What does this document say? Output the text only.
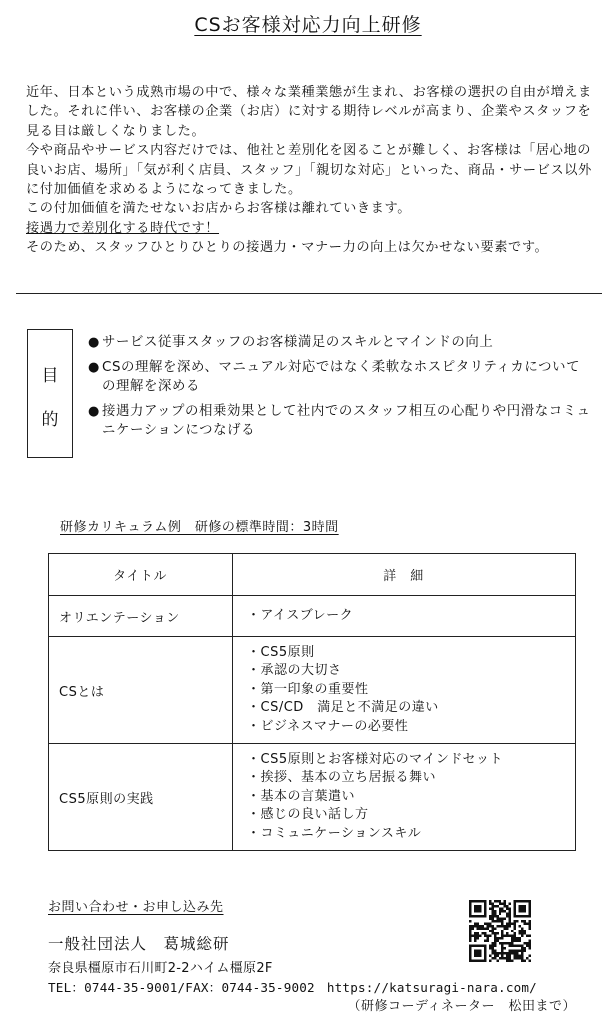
CSお客様対応力向上研修

近年、日本という成熟市場の中で、様々な業種業態が生まれ、お客様の選択の自由が増えました。それに伴い、お客様の企業（お店）に対する期待レベルが高まり、企業やスタッフを見る目は厳しくなりました。

今や商品やサービス内容だけでは、他社と差別化を図ることが難しく、お客様は「居心地の良いお店、場所」「気が利く店員、スタッフ」「親切な対応」といった、商品・サービス以外に付加価値を求めるようになってきました。

この付加価値を満たせないお店からお客様は離れていきます。

接遇力で差別化する時代です！

そのため、スタッフひとりひとりの接遇力・マナー力の向上は欠かせない要素です。

目
的
● サービス従事スタッフのお客様満足のスキルとマインドの向上
● CSの理解を深め、マニュアル対応ではなく柔軟なホスピタリティカについての理解を深める
● 接遇力アップの相乗効果として社内でのスタッフ相互の心配りや円滑なコミュニケーションにつなげる
研修カリキュラム例　研修の標準時間：3時間
タイトル	詳　細
オリエンテーション	・アイスブレーク

CSとは	・CS5原則
・承認の大切さ
・第一印象の重要性
・CS/CD　満足と不満足の違い
・ビジネスマナーの必要性

CS5原則の実践	・CS5原則とお客様対応のマインドセット
・挨拶、基本の立ち居振る舞い
・基本の言葉遣い
・感じの良い話し方
・コミュニケーションスキル
お問い合わせ・お申し込み先
一般社団法人　葛城総研
奈良県橿原市石川町2-2ハイム橿原2F
TEL：0744-35-9001/FAX：0744-35-9002 https://katsuragi-nara.com/
（研修コーディネーター　松田まで）
